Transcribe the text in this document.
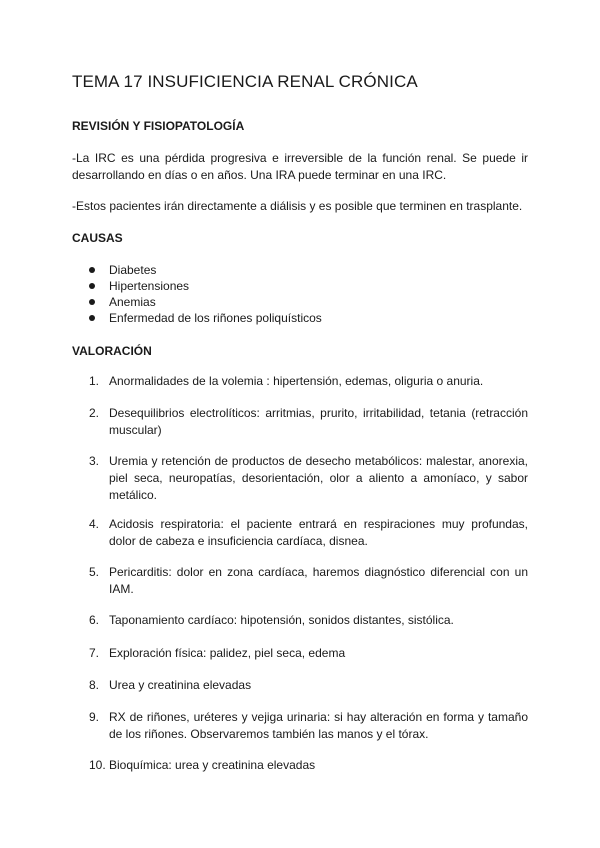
TEMA 17 INSUFICIENCIA RENAL CRÓNICA
REVISIÓN Y FISIOPATOLOGÍA

-La IRC es una pérdida progresiva e irreversible de la función renal. Se puede ir desarrollando en días o en años. Una IRA puede terminar en una IRC.

-Estos pacientes irán directamente a diálisis y es posible que terminen en trasplante.

CAUSAS
Diabetes
Hipertensiones
Anemias
Enfermedad de los riñones poliquísticos
VALORACIÓN
1. Anormalidades de la volemia : hipertensión, edemas, oliguria o anuria.
2. Desequilibrios electrolíticos: arritmias, prurito, irritabilidad, tetania (retracción muscular)
3. Uremia y retención de productos de desecho metabólicos: malestar, anorexia, piel seca, neuropatías, desorientación, olor a aliento a amoníaco, y sabor metálico.
4. Acidosis respiratoria: el paciente entrará en respiraciones muy profundas, dolor de cabeza e insuficiencia cardíaca, disnea.
5. Pericarditis: dolor en zona cardíaca, haremos diagnóstico diferencial con un IAM.
6. Taponamiento cardíaco: hipotensión, sonidos distantes, sistólica.
7. Exploración física: palidez, piel seca, edema
8. Urea y creatinina elevadas
9. RX de riñones, uréteres y vejiga urinaria: si hay alteración en forma y tamaño de los riñones. Observaremos también las manos y el tórax.
10. Bioquímica: urea y creatinina elevadas
